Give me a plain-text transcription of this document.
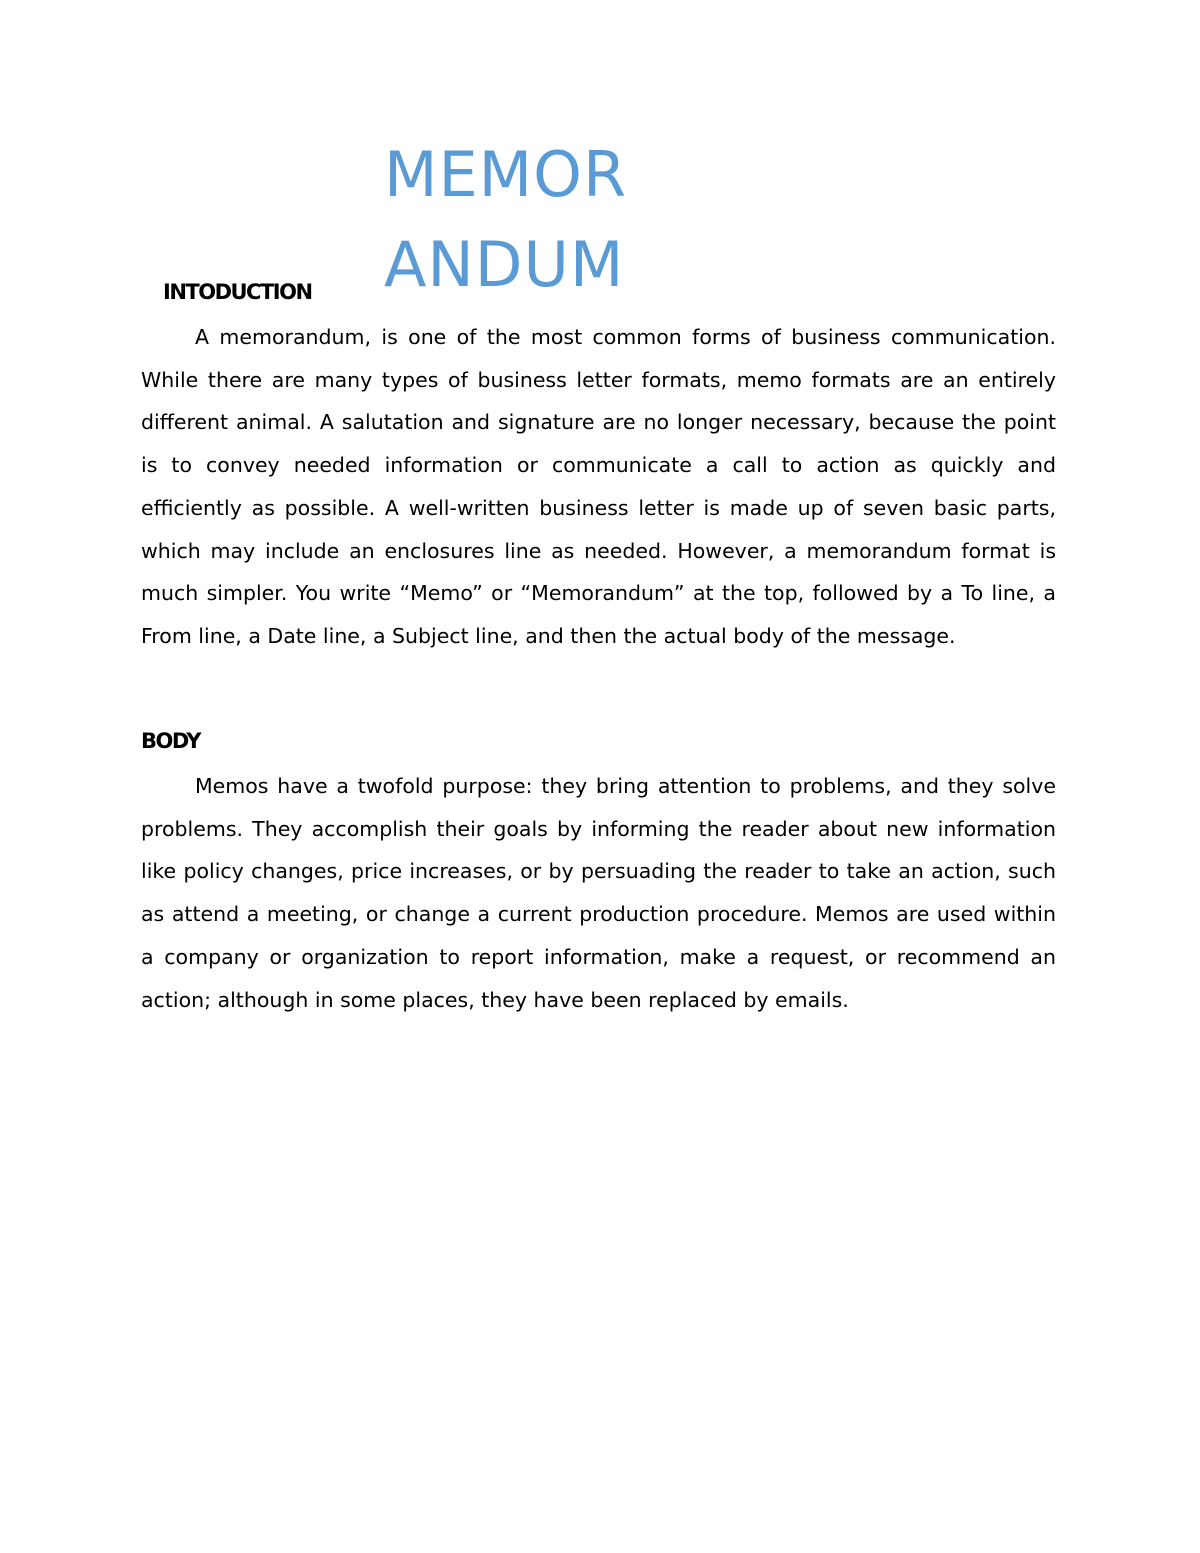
MEMOR
ANDUM
INTODUCTION

A memorandum, is one of the most common forms of business communication. While there are many types of business letter formats, memo formats are an entirely different animal. A salutation and signature are no longer necessary, because the point is to convey needed information or communicate a call to action as quickly and efficiently as possible. A well-written business letter is made up of seven basic parts, which may include an enclosures line as needed. However, a memorandum format is much simpler. You write “Memo” or “Memorandum” at the top, followed by a To line, a From line, a Date line, a Subject line, and then the actual body of the message.

BODY

Memos have a twofold purpose: they bring attention to problems, and they solve problems. They accomplish their goals by informing the reader about new information like policy changes, price increases, or by persuading the reader to take an action, such as attend a meeting, or change a current production procedure. Memos are used within a company or organization to report information, make a request, or recommend an action; although in some places, they have been replaced by emails.
